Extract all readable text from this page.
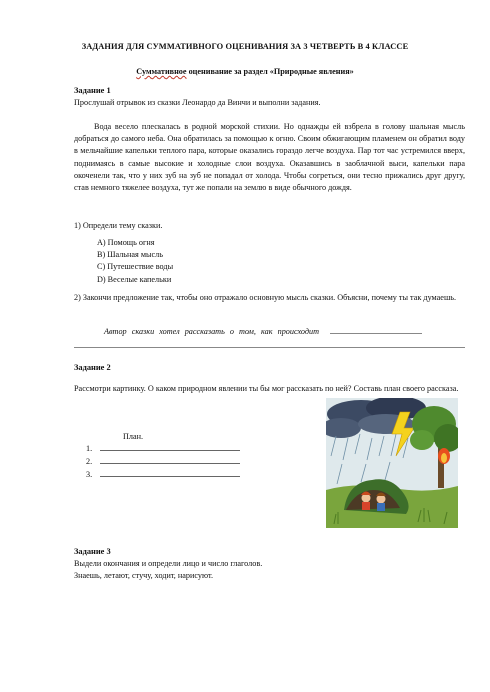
ЗАДАНИЯ ДЛЯ СУММАТИВНОГО ОЦЕНИВАНИЯ ЗА 3 ЧЕТВЕРТЬ В 4 КЛАССЕ
Суммативное оценивание за раздел «Природные явления»
Задание 1
Прослушай отрывок из сказки Леонардо да Винчи и выполни задания.
Вода весело плескалась в родной морской стихии. Но однажды ей взбрела в голову шальная мысль добраться до самого неба. Она обратилась за помощью к огню. Своим обжигающим пламенем он обратил воду в мельчайшие капельки теплого пара, которые оказались гораздо легче воздуха. Пар тот час устремился вверх, поднимаясь в самые высокие и холодные слои воздуха. Оказавшись в заоблачной выси, капельки пара окоченели так, что у них зуб на зуб не попадал от холода. Чтобы согреться, они тесно прижались друг другу, став немного тяжелее воздуха, тут же попали на землю в виде обычного дождя.
1) Определи тему сказки.
A) Помощь огня
B) Шальная мысль
C) Путешествие воды
D) Веселые капельки
2) Закончи предложение так, чтобы оно отражало основную мысль сказки. Объясни, почему ты так думаешь.
Автор сказки хотел рассказать о том, как происходит
Задание 2
Рассмотри картинку. О каком природном явлении ты бы мог рассказать по ней? Составь план своего рассказа.
План.
1.
2.
3.
Задание 3
Выдели окончания и определи лицо и число глаголов.
Знаешь, летают, стучу, ходит, нарисуют.
